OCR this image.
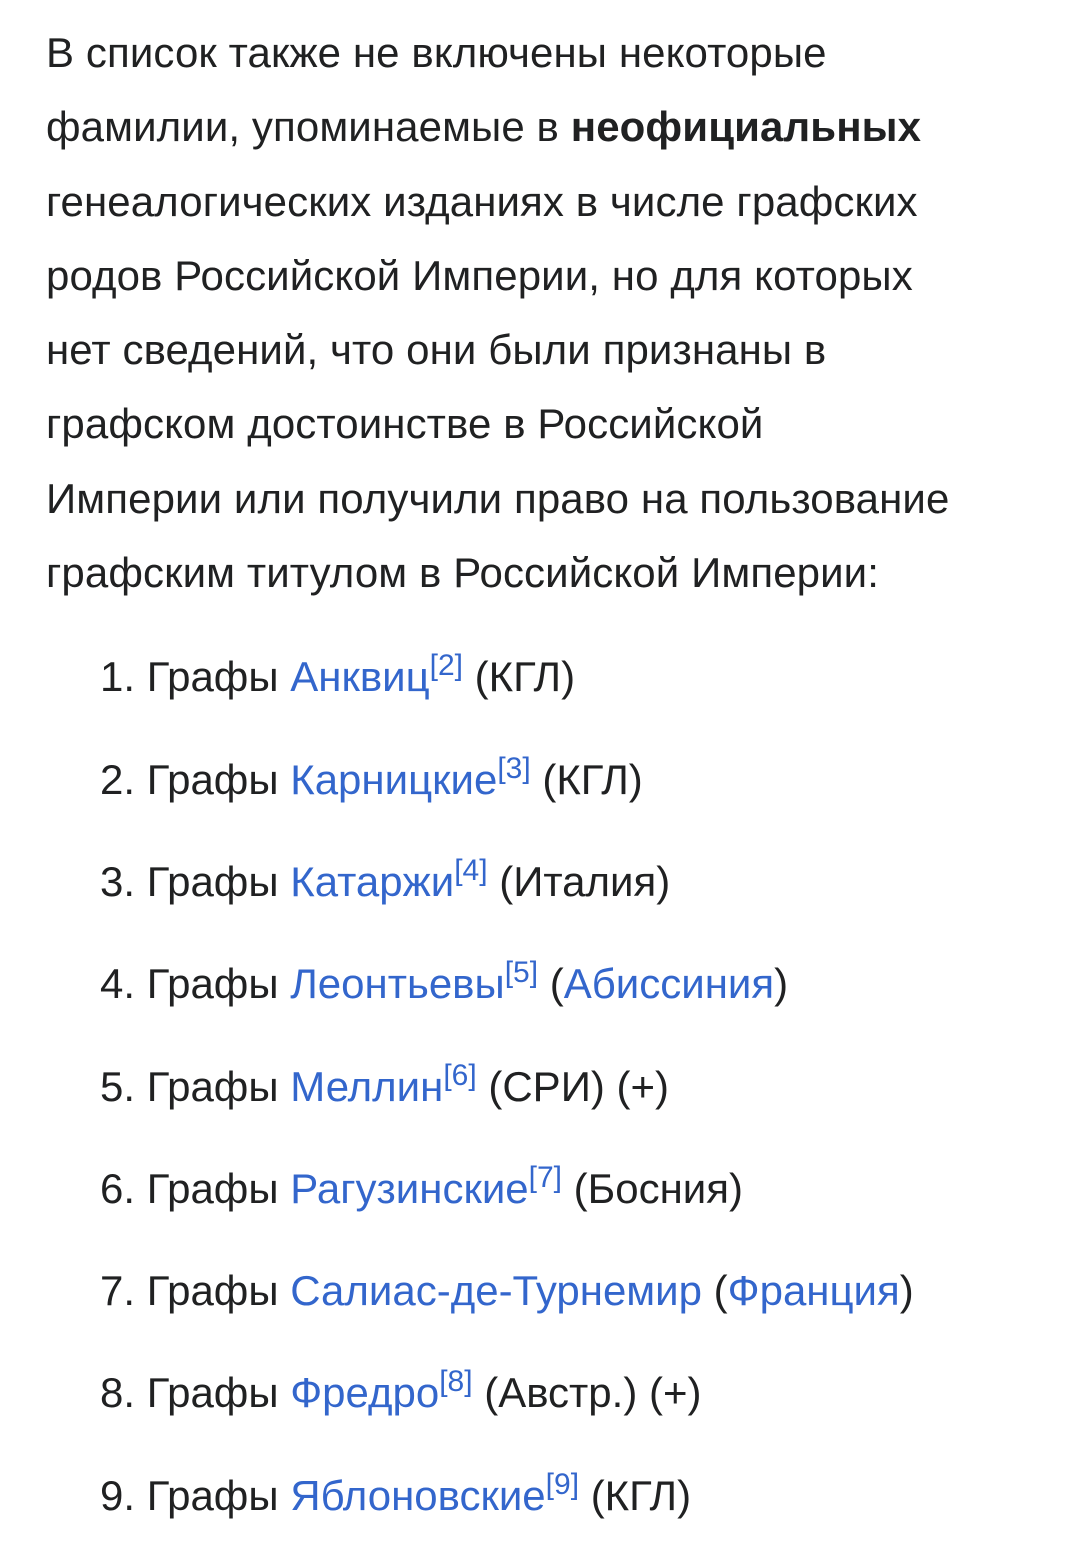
В список также не включены некоторые
фамилии, упоминаемые в неофициальных
генеалогических изданиях в числе графских
родов Российской Империи, но для которых
нет сведений, что они были признаны в
графском достоинстве в Российской
Империи или получили право на пользование
графским титулом в Российской Империи:

1. Графы Анквиц[2] (КГЛ)
2. Графы Карницкие[3] (КГЛ)
3. Графы Катаржи[4] (Италия)
4. Графы Леонтьевы[5] (Абиссиния)
5. Графы Меллин[6] (СРИ) (+)
6. Графы Рагузинские[7] (Босния)
7. Графы Салиас-де-Турнемир (Франция)
8. Графы Фредро[8] (Австр.) (+)
9. Графы Яблоновские[9] (КГЛ)
